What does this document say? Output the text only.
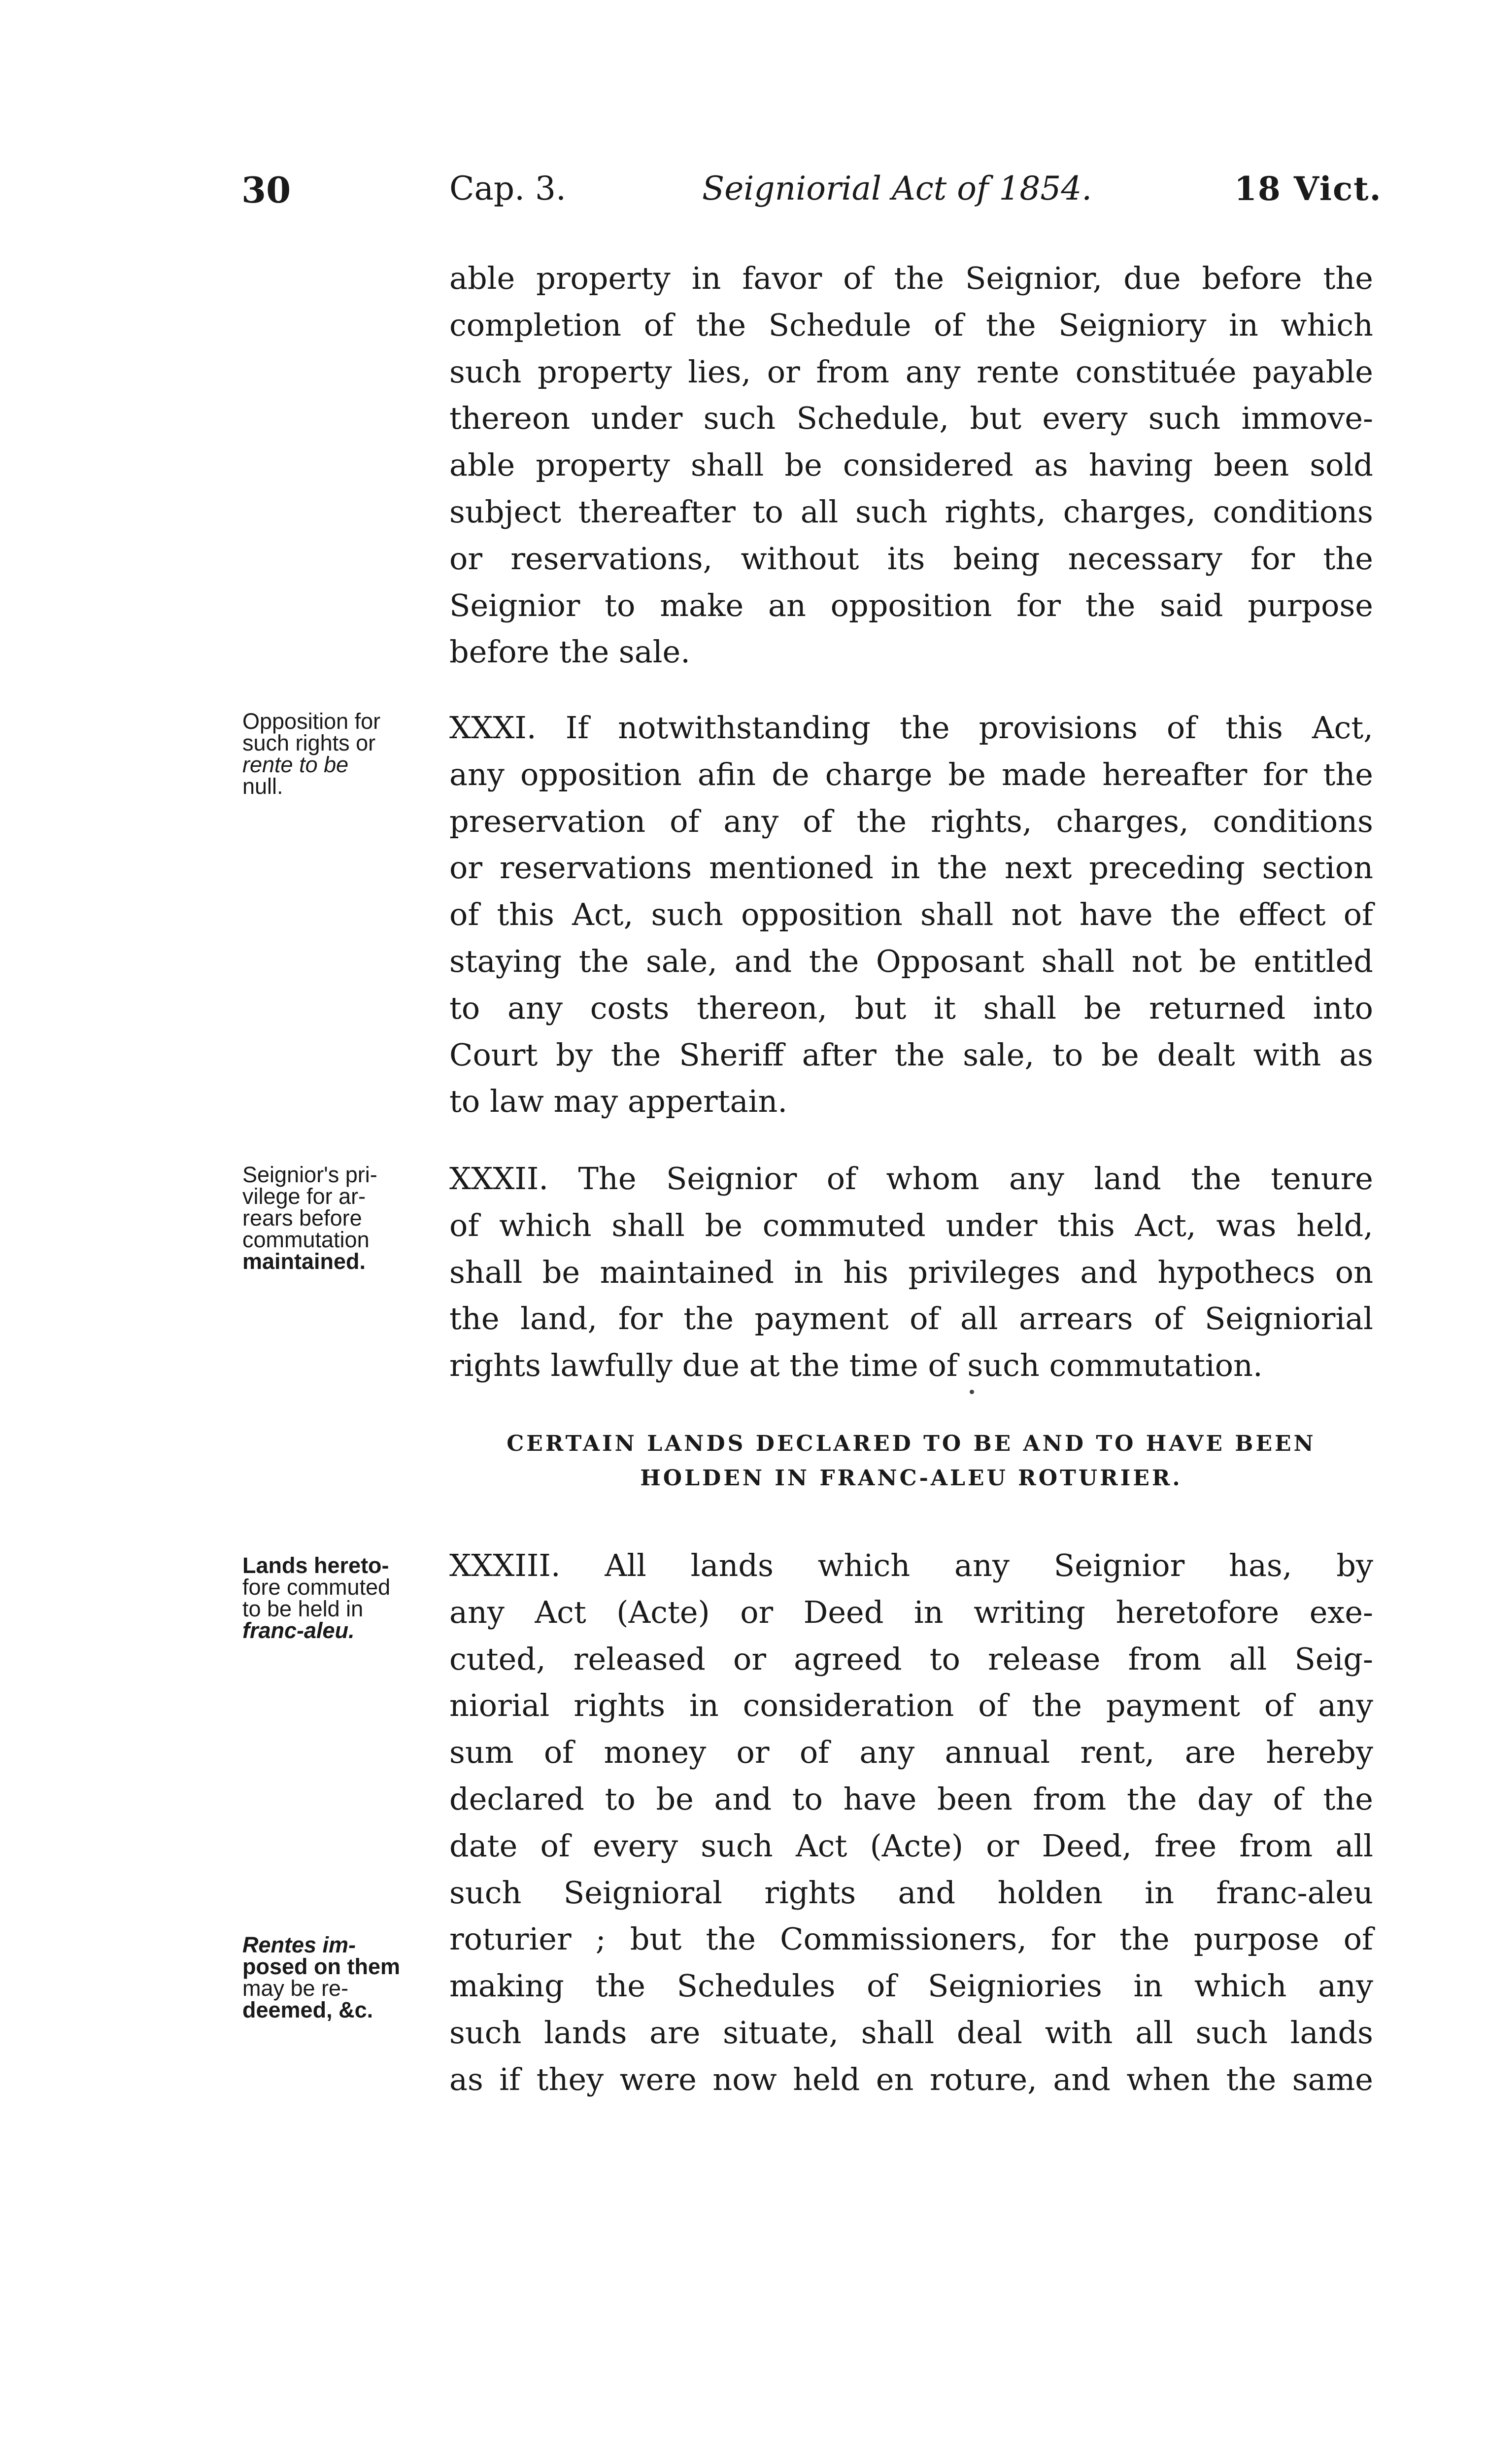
30	Cap. 3.	Seigniorial Act of 1854.	18 Vict.
able property in favor of the Seignior, due before the
completion of the Schedule of the Seigniory in which
such property lies, or from any rente constituée payable
thereon under such Schedule, but every such immove-
able property shall be considered as having been sold
subject thereafter to all such rights, charges, conditions
or reservations, without its being necessary for the
Seignior to make an opposition for the said purpose
before the sale.
Opposition for
such rights or
rente to be
null.
XXXI. If notwithstanding the provisions of this Act,
any opposition afin de charge be made hereafter for the
preservation of any of the rights, charges, conditions
or reservations mentioned in the next preceding section
of this Act, such opposition shall not have the effect of
staying the sale, and the Opposant shall not be entitled
to any costs thereon, but it shall be returned into
Court by the Sheriff after the sale, to be dealt with as
to law may appertain.
Seignior's pri-
vilege for ar-
rears before
commutation
maintained.
XXXII. The Seignior of whom any land the tenure
of which shall be commuted under this Act, was held,
shall be maintained in his privileges and hypothecs on
the land, for the payment of all arrears of Seigniorial
rights lawfully due at the time of such commutation.
CERTAIN LANDS DECLARED TO BE AND TO HAVE BEEN
HOLDEN IN FRANC-ALEU ROTURIER.
Lands hereto-
fore commuted
to be held in
franc-aleu.
XXXIII. All lands which any Seignior has, by
any Act (Acte) or Deed in writing heretofore exe-
cuted, released or agreed to release from all Seig-
niorial rights in consideration of the payment of any
sum of money or of any annual rent, are hereby
declared to be and to have been from the day of the
date of every such Act (Acte) or Deed, free from all
such Seignioral rights and holden in franc-aleu
roturier ; but the Commissioners, for the purpose of
making the Schedules of Seigniories in which any
such lands are situate, shall deal with all such lands
as if they were now held en roture, and when the same
Rentes im-
posed on them
may be re-
deemed, &c.
